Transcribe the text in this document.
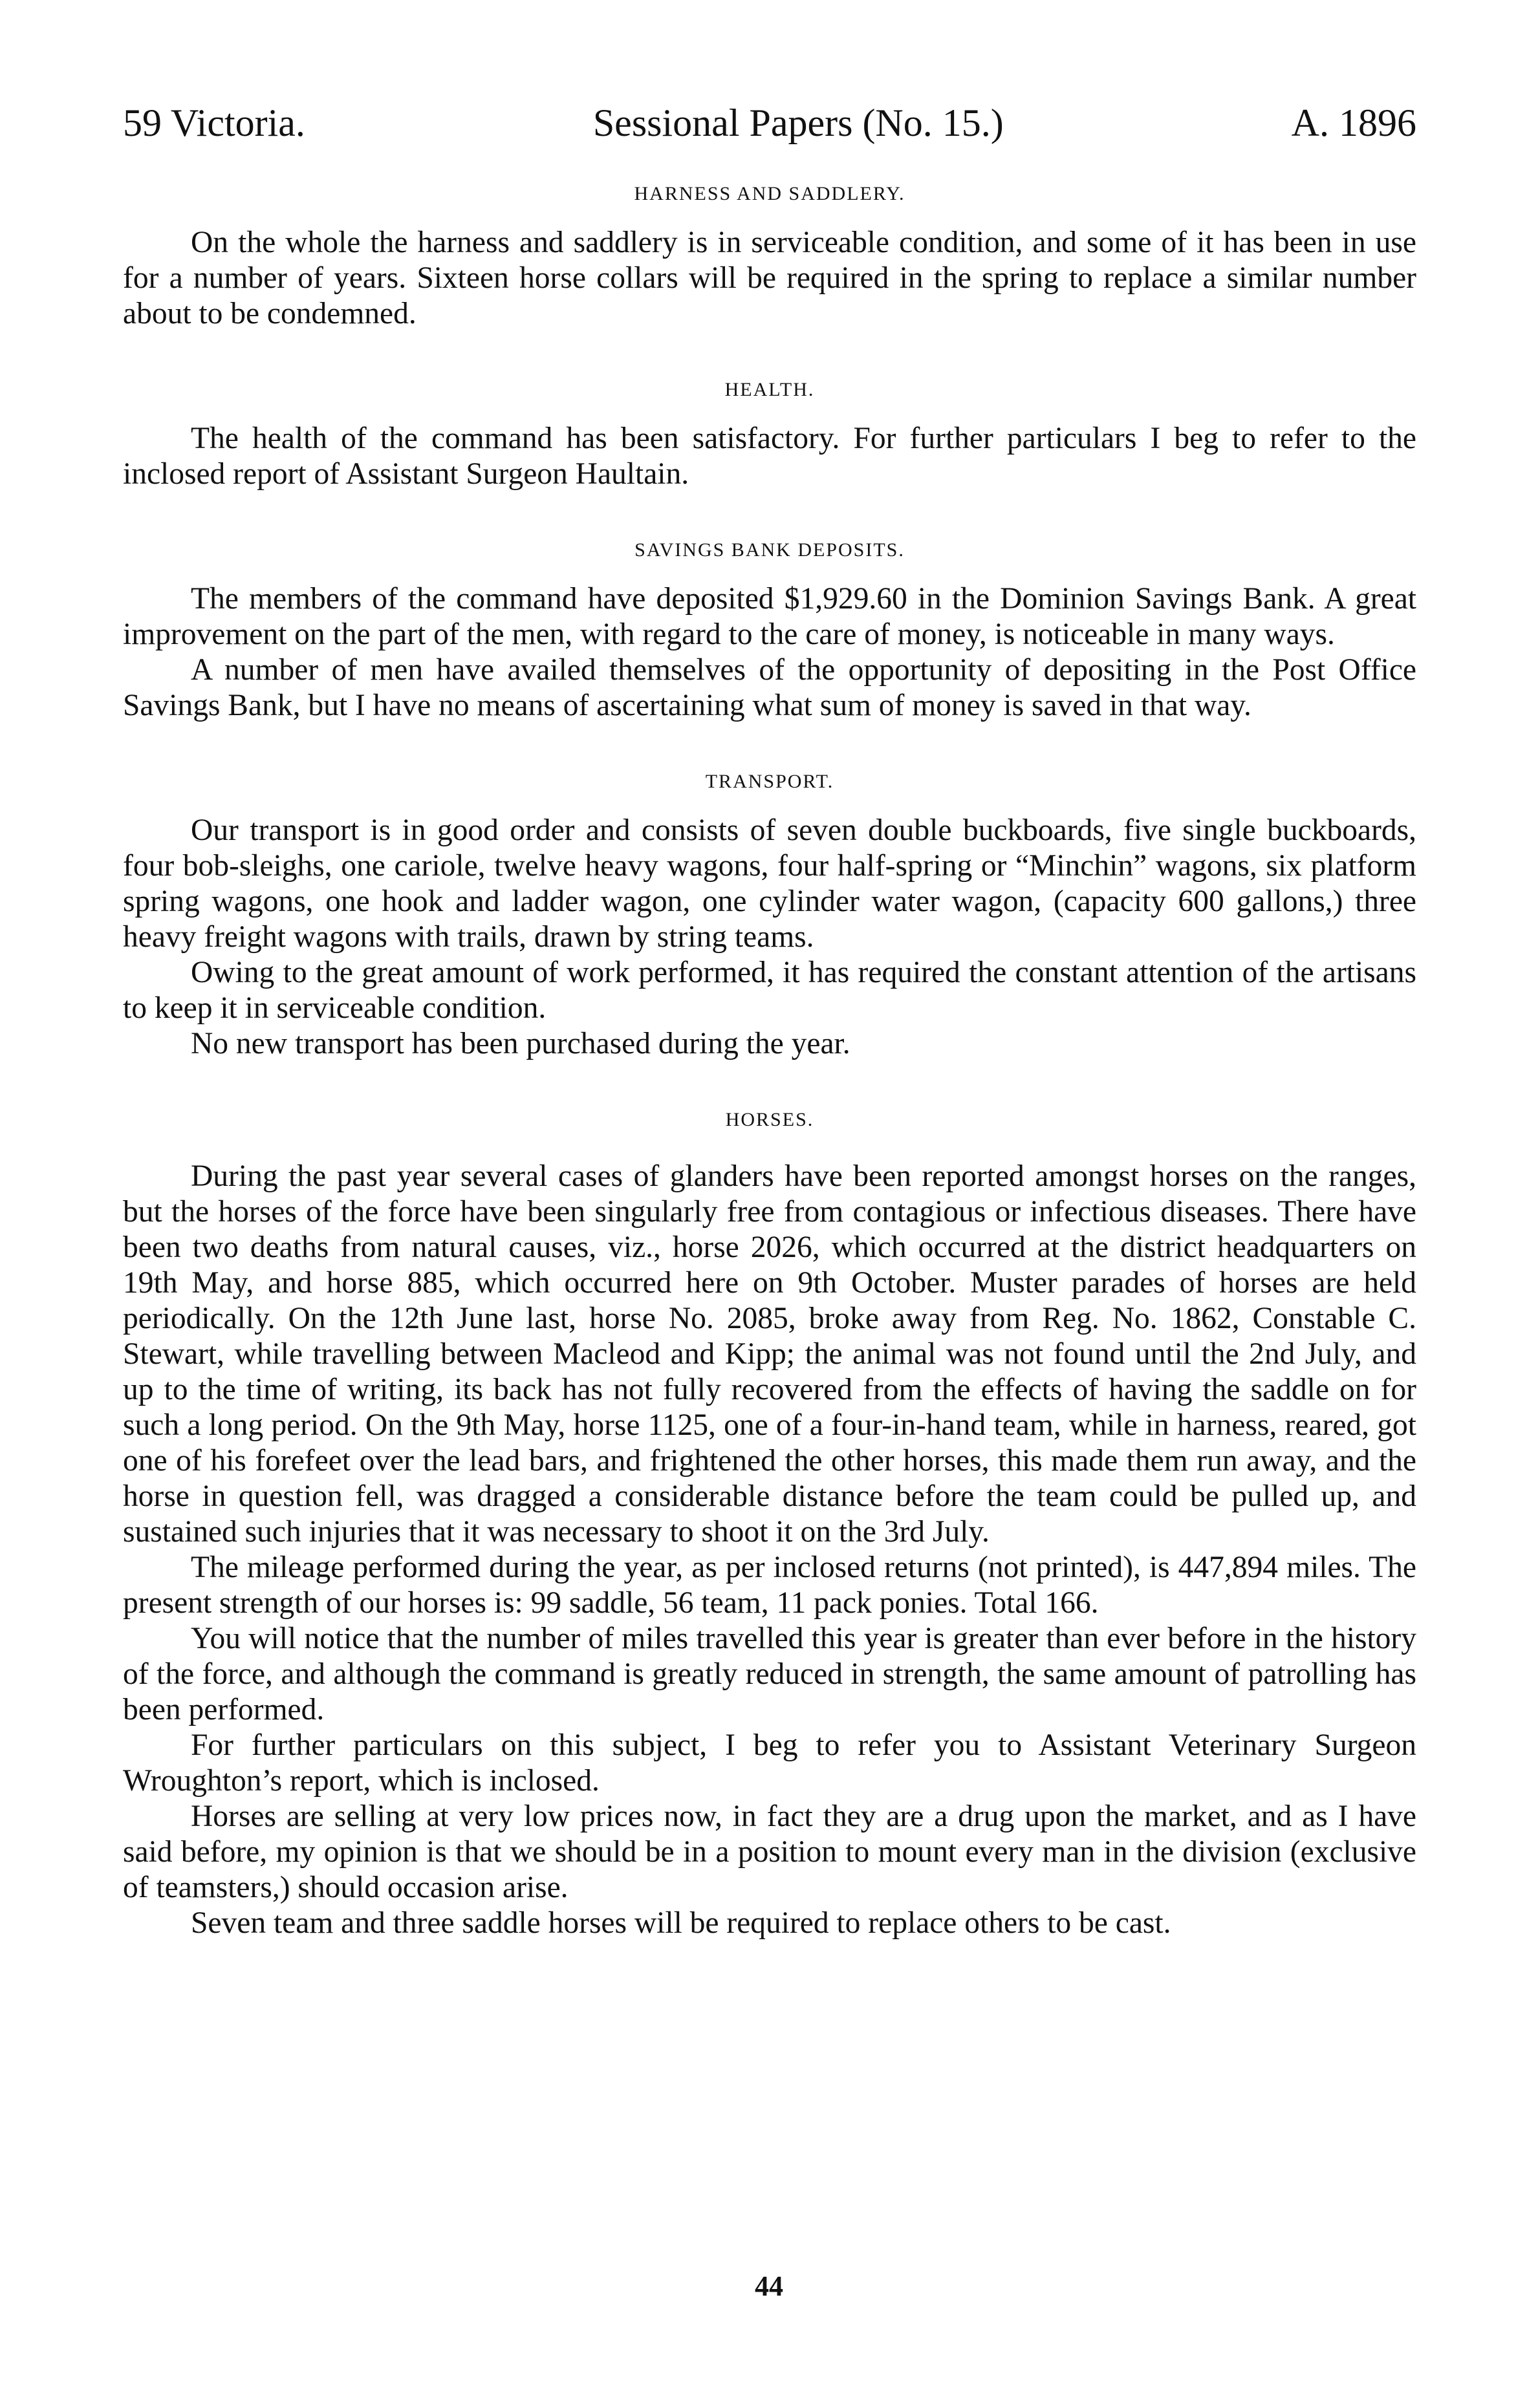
59 Victoria.	Sessional Papers (No. 15.)	A. 1896
HARNESS AND SADDLERY.

On the whole the harness and saddlery is in serviceable condition, and some of it has been in use for a number of years. Sixteen horse collars will be required in the spring to replace a similar number about to be condemned.

HEALTH.

The health of the command has been satisfactory. For further particulars I beg to refer to the inclosed report of Assistant Surgeon Haultain.

SAVINGS BANK DEPOSITS.

The members of the command have deposited $1,929.60 in the Dominion Savings Bank. A great improvement on the part of the men, with regard to the care of money, is noticeable in many ways.

A number of men have availed themselves of the opportunity of depositing in the Post Office Savings Bank, but I have no means of ascertaining what sum of money is saved in that way.

TRANSPORT.

Our transport is in good order and consists of seven double buckboards, five single buckboards, four bob-sleighs, one cariole, twelve heavy wagons, four half-spring or “Minchin” wagons, six platform spring wagons, one hook and ladder wagon, one cylinder water wagon, (capacity 600 gallons,) three heavy freight wagons with trails, drawn by string teams.

Owing to the great amount of work performed, it has required the constant attention of the artisans to keep it in serviceable condition.

No new transport has been purchased during the year.

HORSES.

During the past year several cases of glanders have been reported amongst horses on the ranges, but the horses of the force have been singularly free from contagious or infectious diseases. There have been two deaths from natural causes, viz., horse 2026, which occurred at the district headquarters on 19th May, and horse 885, which occurred here on 9th October. Muster parades of horses are held periodically. On the 12th June last, horse No. 2085, broke away from Reg. No. 1862, Constable C. Stewart, while travelling between Macleod and Kipp; the animal was not found until the 2nd July, and up to the time of writing, its back has not fully recovered from the effects of having the saddle on for such a long period. On the 9th May, horse 1125, one of a four-in-hand team, while in harness, reared, got one of his forefeet over the lead bars, and frightened the other horses, this made them run away, and the horse in question fell, was dragged a considerable distance before the team could be pulled up, and sustained such injuries that it was necessary to shoot it on the 3rd July.

The mileage performed during the year, as per inclosed returns (not printed), is 447,894 miles. The present strength of our horses is: 99 saddle, 56 team, 11 pack ponies. Total 166.

You will notice that the number of miles travelled this year is greater than ever before in the history of the force, and although the command is greatly reduced in strength, the same amount of patrolling has been performed.

For further particulars on this subject, I beg to refer you to Assistant Veterinary Surgeon Wroughton’s report, which is inclosed.

Horses are selling at very low prices now, in fact they are a drug upon the market, and as I have said before, my opinion is that we should be in a position to mount every man in the division (exclusive of teamsters,) should occasion arise.

Seven team and three saddle horses will be required to replace others to be cast.

44
